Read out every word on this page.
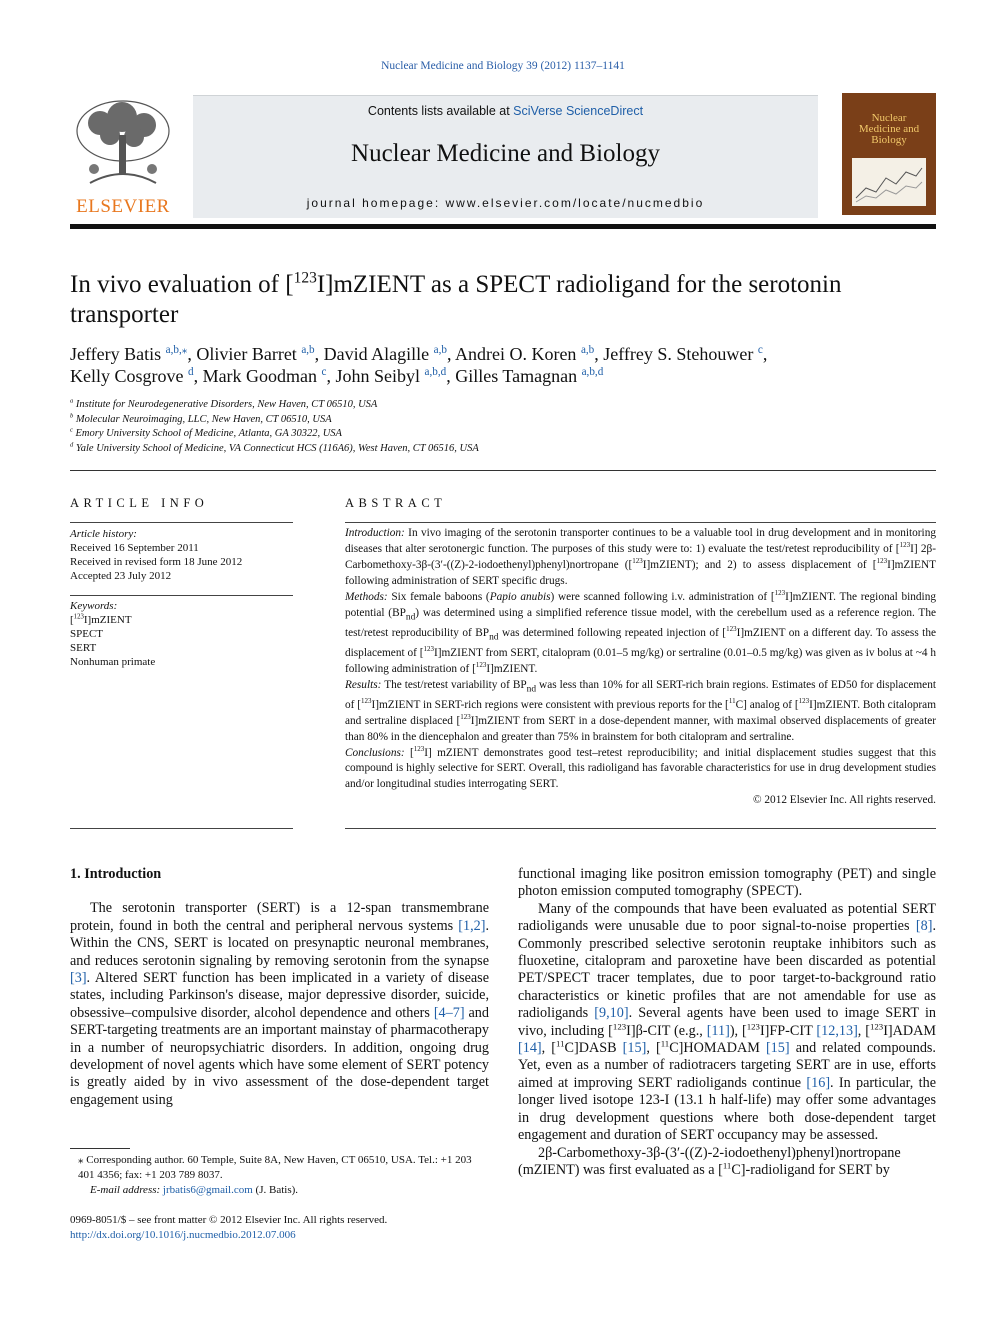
Nuclear Medicine and Biology 39 (2012) 1137–1141
ELSEVIER
Contents lists available at SciVerse ScienceDirect
Nuclear Medicine and Biology
journal homepage: www.elsevier.com/locate/nucmedbio
Nuclear Medicine and Biology
In vivo evaluation of [$^{123}$I]mZIENT as a SPECT radioligand for the serotonin transporter
Jeffery Batis $^{a,b,⁎}$, Olivier Barret $^{a,b}$, David Alagille $^{a,b}$, Andrei O. Koren $^{a,b}$, Jeffrey S. Stehouwer $^c$,
Kelly Cosgrove $^d$, Mark Goodman $^c$, John Seibyl $^{a,b,d}$, Gilles Tamagnan $^{a,b,d}$
$^a$ Institute for Neurodegenerative Disorders, New Haven, CT 06510, USA
$^b$ Molecular Neuroimaging, LLC, New Haven, CT 06510, USA
$^c$ Emory University School of Medicine, Atlanta, GA 30322, USA
$^d$ Yale University School of Medicine, VA Connecticut HCS (116A6), West Haven, CT 06516, USA
ARTICLE INFO	ABSTRACT
Article history:
Received 16 September 2011
Received in revised form 18 June 2012
Accepted 23 July 2012
Keywords:
[$^{123}$I]mZIENT
SPECT
SERT
Nonhuman primate

Introduction: In vivo imaging of the serotonin transporter continues to be a valuable tool in drug development and in monitoring diseases that alter serotonergic function. The purposes of this study were to: 1) evaluate the test/retest reproducibility of [$^{123}$I] 2β-Carbomethoxy-3β-(3′-((Z)-2-iodoethenyl)phenyl)nortropane ([$^{123}$I]mZIENT); and 2) to assess displacement of [$^{123}$I]mZIENT following administration of SERT specific drugs.

Methods: Six female baboons (Papio anubis) were scanned following i.v. administration of [$^{123}$I]mZIENT. The regional binding potential $(BP_{nd})$ was determined using a simplified reference tissue model, with the cerebellum used as a reference region. The test/retest reproducibility of $BP_{nd}$ was determined following repeated injection of [$^{123}$I]mZIENT on a different day. To assess the displacement of [$^{123}$I]mZIENT from SERT, citalopram (0.01–5 mg/kg) or sertraline (0.01–0.5 mg/kg) was given as iv bolus at ~4 h following administration of [$^{123}$I]mZIENT.

Results: The test/retest variability of $BP_{nd}$ was less than 10% for all SERT-rich brain regions. Estimates of ED50 for displacement of [$^{123}$I]mZIENT in SERT-rich regions were consistent with previous reports for the [$^{11}$C] analog of [$^{123}$I]mZIENT. Both citalopram and sertraline displaced [$^{123}$I]mZIENT from SERT in a dose-dependent manner, with maximal observed displacements of greater than 80% in the diencephalon and greater than 75% in brainstem for both citalopram and sertraline.

Conclusions: [$^{123}$I] mZIENT demonstrates good test–retest reproducibility; and initial displacement studies suggest that this compound is highly selective for SERT. Overall, this radioligand has favorable characteristics for use in drug development studies and/or longitudinal studies interrogating SERT.

© 2012 Elsevier Inc. All rights reserved.

1. Introduction

The serotonin transporter (SERT) is a 12-span transmembrane protein, found in both the central and peripheral nervous systems [1,2]. Within the CNS, SERT is located on presynaptic neuronal membranes, and reduces serotonin signaling by removing serotonin from the synapse [3]. Altered SERT function has been implicated in a variety of disease states, including Parkinson's disease, major depressive disorder, suicide, obsessive–compulsive disorder, alcohol dependence and others [4–7] and SERT-targeting treatments are an important mainstay of pharmacotherapy in a number of neuropsychiatric disorders. In addition, ongoing drug development of novel agents which have some element of SERT potency is greatly aided by in vivo assessment of the dose-dependent target engagement using

functional imaging like positron emission tomography (PET) and single photon emission computed tomography (SPECT).

Many of the compounds that have been evaluated as potential SERT radioligands were unusable due to poor signal-to-noise properties [8]. Commonly prescribed selective serotonin reuptake inhibitors such as fluoxetine, citalopram and paroxetine have been discarded as potential PET/SPECT tracer templates, due to poor target-to-background ratio characteristics or kinetic profiles that are not amendable for use as radioligands [9,10]. Several agents have been used to image SERT in vivo, including [$^{123}$I]β-CIT (e.g., [11]), [$^{123}$I]FP-CIT [12,13], [$^{123}$I]ADAM [14], [$^{11}$C]DASB [15], [$^{11}$C]HOMADAM [15] and related compounds. Yet, even as a number of radiotracers targeting SERT are in use, efforts aimed at improving SERT radioligands continue [16]. In particular, the longer lived isotope 123-I (13.1 h half-life) may offer some advantages in drug development questions where both dose-dependent target engagement and duration of SERT occupancy may be assessed.

2β-Carbomethoxy-3β-(3′-((Z)-2-iodoethenyl)phenyl)nortropane (mZIENT) was first evaluated as a [$^{11}$C]-radioligand for SERT by

⁎ Corresponding author. 60 Temple, Suite 8A, New Haven, CT 06510, USA. Tel.: +1 203 401 4356; fax: +1 203 789 8037.
E-mail address: jrbatis6@gmail.com (J. Batis).
0969-8051/$ – see front matter © 2012 Elsevier Inc. All rights reserved.
http://dx.doi.org/10.1016/j.nucmedbio.2012.07.006
